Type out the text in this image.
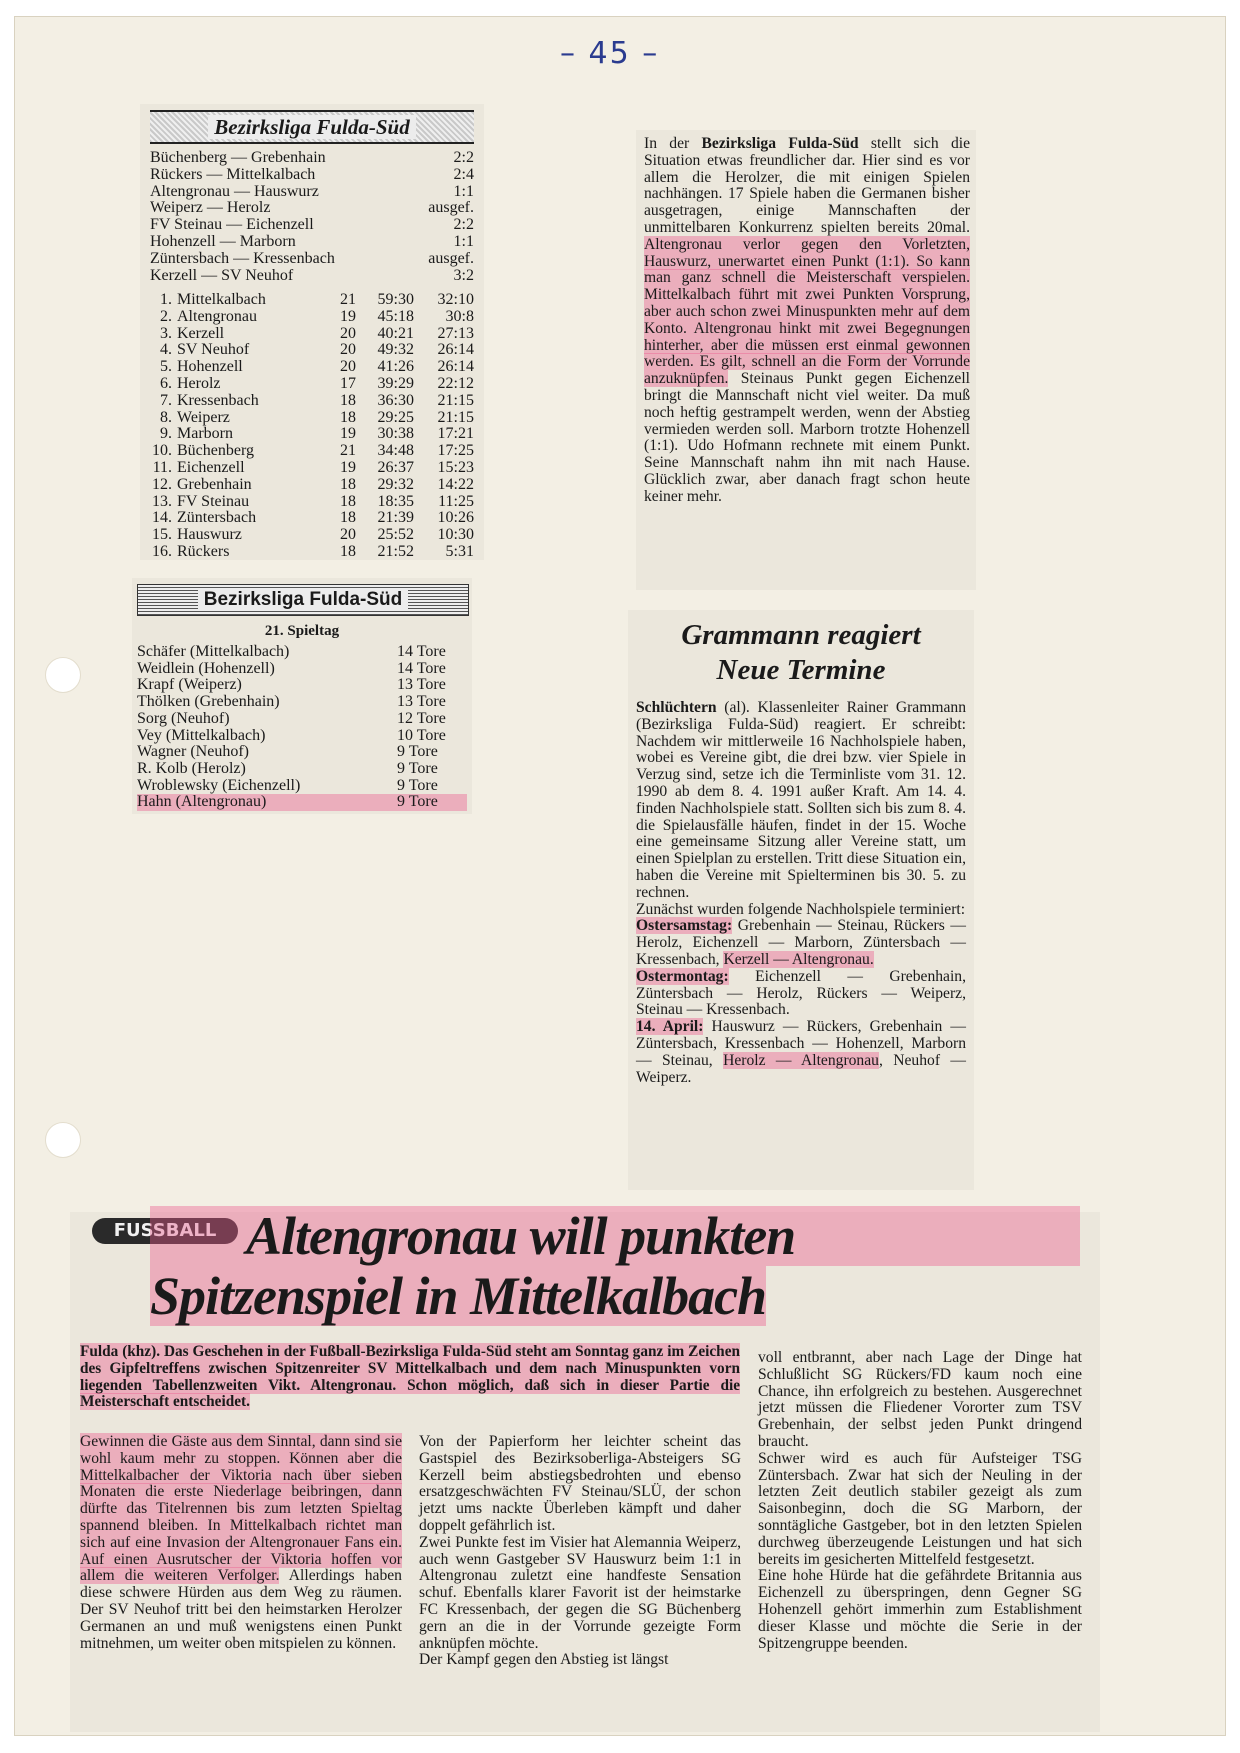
– 45 –
Bezirksliga Fulda-Süd
Büchenberg — Grebenhain	2:2
Rückers — Mittelkalbach	2:4
Altengronau — Hauswurz	1:1
Weiperz — Herolz	ausgef.
FV Steinau — Eichenzell	2:2
Hohenzell — Marborn	1:1
Züntersbach — Kressenbach	ausgef.
Kerzell — SV Neuhof	3:2
1. Mittelkalbach	21	59:30	32:10
2. Altengronau	19	45:18	30:8
3. Kerzell	20	40:21	27:13
4. SV Neuhof	20	49:32	26:14
5. Hohenzell	20	41:26	26:14
6. Herolz	17	39:29	22:12
7. Kressenbach	18	36:30	21:15
8. Weiperz	18	29:25	21:15
9. Marborn	19	30:38	17:21
10. Büchenberg	21	34:48	17:25
11. Eichenzell	19	26:37	15:23
12. Grebenhain	18	29:32	14:22
13. FV Steinau	18	18:35	11:25
14. Züntersbach	18	21:39	10:26
15. Hauswurz	20	25:52	10:30
16. Rückers	18	21:52	5:31
Bezirksliga Fulda-Süd
21. Spieltag
Schäfer (Mittelkalbach)	14 Tore
Weidlein (Hohenzell)	14 Tore
Krapf (Weiperz)	13 Tore
Thölken (Grebenhain)	13 Tore
Sorg (Neuhof)	12 Tore
Vey (Mittelkalbach)	10 Tore
Wagner (Neuhof)	9 Tore
R. Kolb (Herolz)	9 Tore
Wroblewsky (Eichenzell)	9 Tore
Hahn (Altengronau)	9 Tore
In der Bezirksliga Fulda-Süd stellt sich die Situation etwas freundlicher dar. Hier sind es vor allem die Herolzer, die mit einigen Spielen nachhängen. 17 Spiele haben die Germanen bisher ausgetragen, einige Mannschaften der unmittelbaren Konkurrenz spielten bereits 20mal. Altengronau verlor gegen den Vorletzten, Hauswurz, unerwartet einen Punkt (1:1). So kann man ganz schnell die Meisterschaft verspielen. Mittelkalbach führt mit zwei Punkten Vorsprung, aber auch schon zwei Minuspunkten mehr auf dem Konto. Altengronau hinkt mit zwei Begegnungen hinterher, aber die müssen erst einmal gewonnen werden. Es gilt, schnell an die Form der Vorrunde anzuknüpfen. Steinaus Punkt gegen Eichenzell bringt die Mannschaft nicht viel weiter. Da muß noch heftig gestrampelt werden, wenn der Abstieg vermieden werden soll. Marborn trotzte Hohenzell (1:1). Udo Hofmann rechnete mit einem Punkt. Seine Mannschaft nahm ihn mit nach Hause. Glücklich zwar, aber danach fragt schon heute keiner mehr.
Grammann reagiert
Neue Termine
Schlüchtern (al). Klassenleiter Rainer Grammann (Bezirksliga Fulda-Süd) reagiert. Er schreibt: Nachdem wir mittlerweile 16 Nachholspiele haben, wobei es Vereine gibt, die drei bzw. vier Spiele in Verzug sind, setze ich die Terminliste vom 31. 12. 1990 ab dem 8. 4. 1991 außer Kraft. Am 14. 4. finden Nachholspiele statt. Sollten sich bis zum 8. 4. die Spielausfälle häufen, findet in der 15. Woche eine gemeinsame Sitzung aller Vereine statt, um einen Spielplan zu erstellen. Tritt diese Situation ein, haben die Vereine mit Spielterminen bis 30. 5. zu rechnen.
Zunächst wurden folgende Nachholspiele terminiert:
Ostersamstag: Grebenhain — Steinau, Rückers — Herolz, Eichenzell — Marborn, Züntersbach — Kressenbach, Kerzell — Altengronau.
Ostermontag: Eichenzell — Grebenhain, Züntersbach — Herolz, Rückers — Weiperz, Steinau — Kressenbach.
14. April: Hauswurz — Rückers, Grebenhain — Züntersbach, Kressenbach — Hohenzell, Marborn — Steinau, Herolz — Altengronau, Neuhof — Weiperz.
FUSSBALL Altengronau will punkten
Spitzenspiel in Mittelkalbach
Fulda (khz). Das Geschehen in der Fußball-Bezirksliga Fulda-Süd steht am Sonntag ganz im Zeichen des Gipfeltreffens zwischen Spitzenreiter SV Mittelkalbach und dem nach Minuspunkten vorn liegenden Tabellenzweiten Vikt. Altengronau. Schon möglich, daß sich in dieser Partie die Meisterschaft entscheidet.
Gewinnen die Gäste aus dem Sinntal, dann sind sie wohl kaum mehr zu stoppen. Können aber die Mittelkalbacher der Viktoria nach über sieben Monaten die erste Niederlage beibringen, dann dürfte das Titelrennen bis zum letzten Spieltag spannend bleiben. In Mittelkalbach richtet man sich auf eine Invasion der Altengronauer Fans ein. Auf einen Ausrutscher der Viktoria hoffen vor allem die weiteren Verfolger. Allerdings haben diese schwere Hürden aus dem Weg zu räumen. Der SV Neuhof tritt bei den heimstarken Herolzer Germanen an und muß wenigstens einen Punkt mitnehmen, um weiter oben mitspielen zu können.
Von der Papierform her leichter scheint das Gastspiel des Bezirksoberliga-Absteigers SG Kerzell beim abstiegsbedrohten und ebenso ersatzgeschwächten FV Steinau/SLÜ, der schon jetzt ums nackte Überleben kämpft und daher doppelt gefährlich ist.
Zwei Punkte fest im Visier hat Alemannia Weiperz, auch wenn Gastgeber SV Hauswurz beim 1:1 in Altengronau zuletzt eine handfeste Sensation schuf. Ebenfalls klarer Favorit ist der heimstarke FC Kressenbach, der gegen die SG Büchenberg gern an die in der Vorrunde gezeigte Form anknüpfen möchte.
Der Kampf gegen den Abstieg ist längst
voll entbrannt, aber nach Lage der Dinge hat Schlußlicht SG Rückers/FD kaum noch eine Chance, ihn erfolgreich zu bestehen. Ausgerechnet jetzt müssen die Fliedener Vororter zum TSV Grebenhain, der selbst jeden Punkt dringend braucht.
Schwer wird es auch für Aufsteiger TSG Züntersbach. Zwar hat sich der Neuling in der letzten Zeit deutlich stabiler gezeigt als zum Saisonbeginn, doch die SG Marborn, der sonntägliche Gastgeber, bot in den letzten Spielen durchweg überzeugende Leistungen und hat sich bereits im gesicherten Mittelfeld festgesetzt.
Eine hohe Hürde hat die gefährdete Britannia aus Eichenzell zu überspringen, denn Gegner SG Hohenzell gehört immerhin zum Establishment dieser Klasse und möchte die Serie in der Spitzengruppe beenden.
